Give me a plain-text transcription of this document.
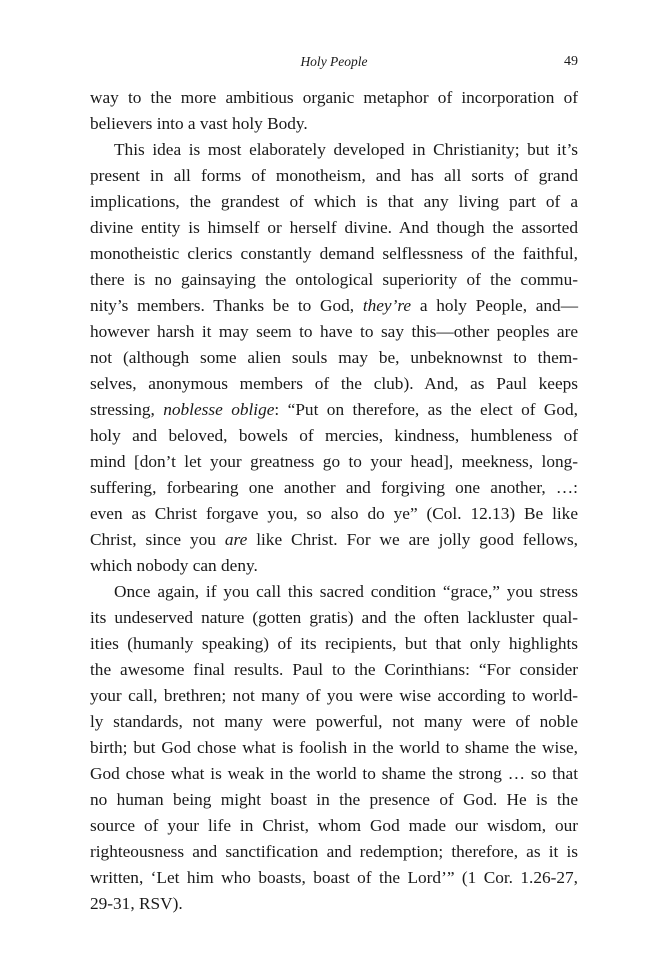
Holy People	49

way to the more ambitious organic metaphor of incorporation of
believers into a vast holy Body.

This idea is most elaborately developed in Christianity; but it’s
present in all forms of monotheism, and has all sorts of grand
implications, the grandest of which is that any living part of a
divine entity is himself or herself divine. And though the assorted
monotheistic clerics constantly demand selflessness of the faithful,
there is no gainsaying the ontological superiority of the commu-
nity’s members. Thanks be to God, they’re a holy People, and—
however harsh it may seem to have to say this—other peoples are
not (although some alien souls may be, unbeknownst to them-
selves, anonymous members of the club). And, as Paul keeps
stressing, noblesse oblige: “Put on therefore, as the elect of God,
holy and beloved, bowels of mercies, kindness, humbleness of
mind [don’t let your greatness go to your head], meekness, long-
suffering, forbearing one another and forgiving one another, …:
even as Christ forgave you, so also do ye” (Col. 12.13) Be like
Christ, since you are like Christ. For we are jolly good fellows,
which nobody can deny.

Once again, if you call this sacred condition “grace,” you stress
its undeserved nature (gotten gratis) and the often lackluster qual-
ities (humanly speaking) of its recipients, but that only highlights
the awesome final results. Paul to the Corinthians: “For consider
your call, brethren; not many of you were wise according to world-
ly standards, not many were powerful, not many were of noble
birth; but God chose what is foolish in the world to shame the wise,
God chose what is weak in the world to shame the strong … so that
no human being might boast in the presence of God. He is the
source of your life in Christ, whom God made our wisdom, our
righteousness and sanctification and redemption; therefore, as it is
written, ‘Let him who boasts, boast of the Lord’” (1 Cor. 1.26-27,
29-31, RSV).
